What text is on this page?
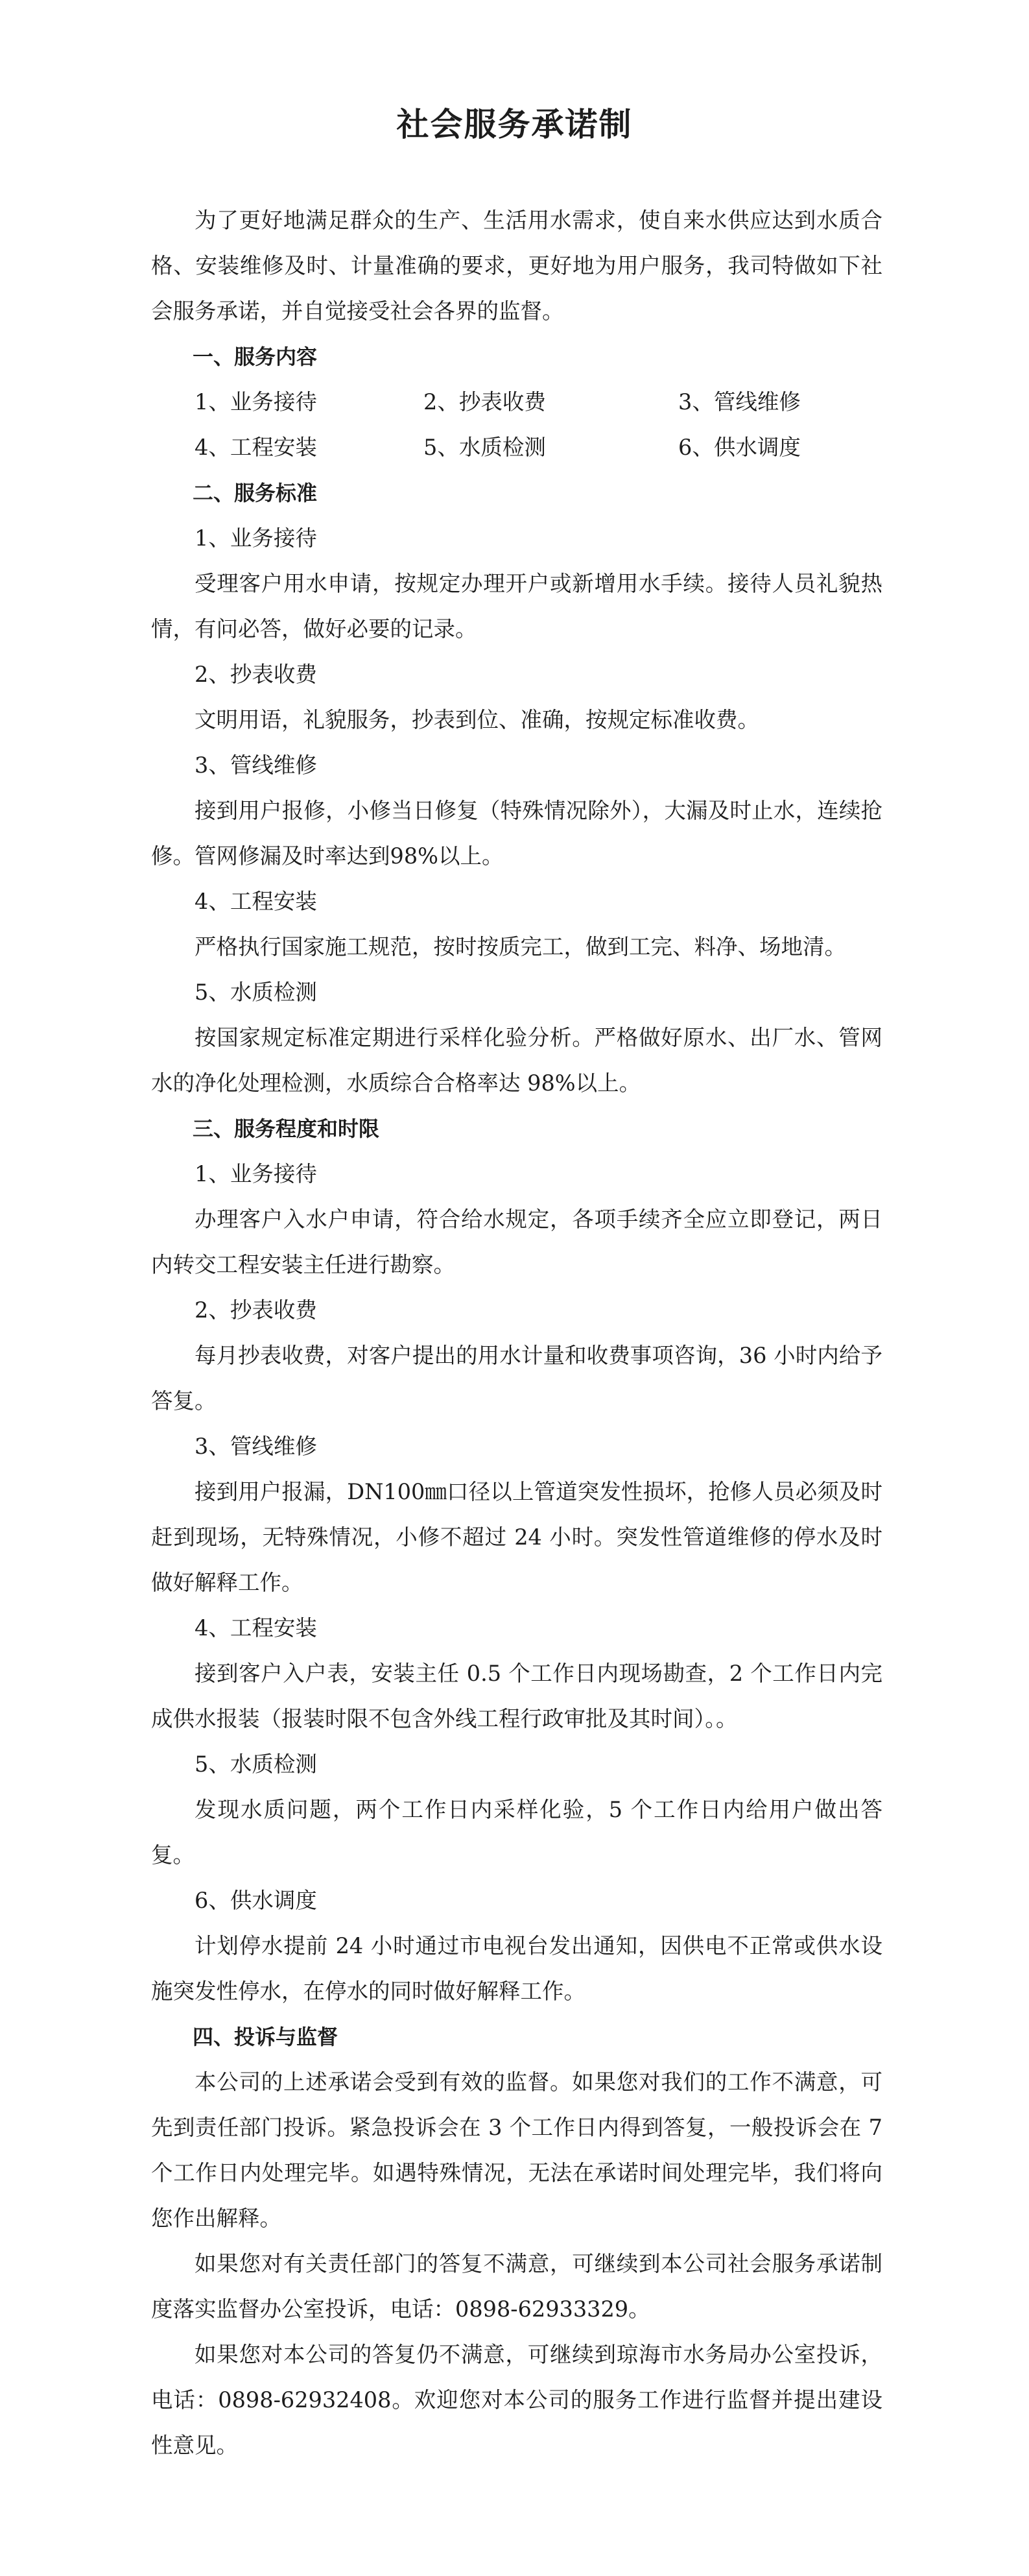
社会服务承诺制

为了更好地满足群众的生产、生活用水需求，使自来水供应达到水质合格、安装维修及时、计量准确的要求，更好地为用户服务，我司特做如下社会服务承诺，并自觉接受社会各界的监督。

一、服务内容

1、业务接待	2、抄表收费	3、管线维修
4、工程安装	5、水质检测	6、供水调度

二、服务标准

1、业务接待

受理客户用水申请，按规定办理开户或新增用水手续。接待人员礼貌热情，有问必答，做好必要的记录。

2、抄表收费

文明用语，礼貌服务，抄表到位、准确，按规定标准收费。

3、管线维修

接到用户报修，小修当日修复（特殊情况除外），大漏及时止水，连续抢修。管网修漏及时率达到98%以上。

4、工程安装

严格执行国家施工规范，按时按质完工，做到工完、料净、场地清。

5、水质检测

按国家规定标准定期进行采样化验分析。严格做好原水、出厂水、管网水的净化处理检测，水质综合合格率达 98%以上。

三、服务程度和时限

1、业务接待

办理客户入水户申请，符合给水规定，各项手续齐全应立即登记，两日内转交工程安装主任进行勘察。

2、抄表收费

每月抄表收费，对客户提出的用水计量和收费事项咨询，36 小时内给予答复。

3、管线维修

接到用户报漏，DN100㎜口径以上管道突发性损坏，抢修人员必须及时赶到现场，无特殊情况，小修不超过 24 小时。突发性管道维修的停水及时做好解释工作。

4、工程安装

接到客户入户表，安装主任 0.5 个工作日内现场勘查，2 个工作日内完成供水报装（报装时限不包含外线工程行政审批及其时间）。。

5、水质检测

发现水质问题，两个工作日内采样化验，5 个工作日内给用户做出答复。

6、供水调度

计划停水提前 24 小时通过市电视台发出通知，因供电不正常或供水设施突发性停水，在停水的同时做好解释工作。

四、投诉与监督

本公司的上述承诺会受到有效的监督。如果您对我们的工作不满意，可先到责任部门投诉。紧急投诉会在 3 个工作日内得到答复，一般投诉会在 7 个工作日内处理完毕。如遇特殊情况，无法在承诺时间处理完毕，我们将向您作出解释。

如果您对有关责任部门的答复不满意，可继续到本公司社会服务承诺制度落实监督办公室投诉，电话：0898-62933329。

如果您对本公司的答复仍不满意，可继续到琼海市水务局办公室投诉，电话：0898-62932408。欢迎您对本公司的服务工作进行监督并提出建设性意见。
